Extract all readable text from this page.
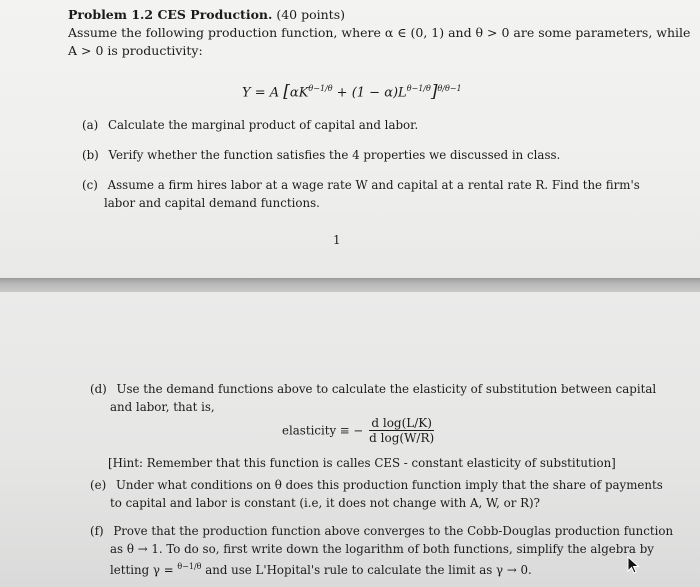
Problem 1.2 CES Production. (40 points)
Assume the following production function, where α ∈ (0, 1) and θ > 0 are some parameters, while
A > 0 is productivity:
Y = A $[\alpha K^{\theta-1/\theta} + (1 - \alpha)L^{\theta-1/\theta}]^{\theta/\theta-1}$
(a) Calculate the marginal product of capital and labor.
(b) Verify whether the function satisfies the 4 properties we discussed in class.
(c) Assume a firm hires labor at a wage rate W and capital at a rental rate R. Find the firm's
labor and capital demand functions.
1
(d) Use the demand functions above to calculate the elasticity of substitution between capital
and labor, that is,
elasticity ≡ − $\frac{\text{d log(L/K)}}{\text{d log(W/R)}}$
[Hint: Remember that this function is calles CES - constant elasticity of substitution]
(e) Under what conditions on θ does this production function imply that the share of payments
to capital and labor is constant (i.e, it does not change with A, W, or R)?
(f) Prove that the production function above converges to the Cobb-Douglas production function
as θ → 1. To do so, first write down the logarithm of both functions, simplify the algebra by
letting γ = $^{\theta-1/\theta}$ and use L'Hopital's rule to calculate the limit as γ → 0.
